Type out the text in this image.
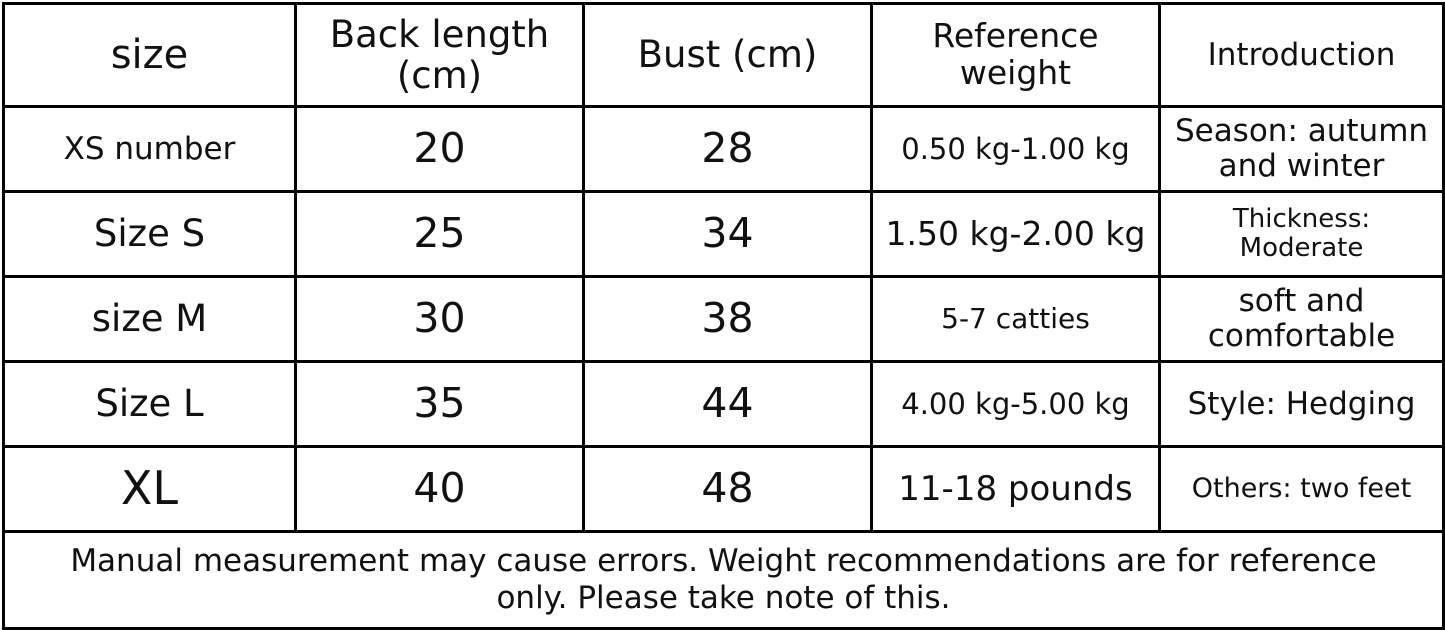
size	Back length (cm)	Bust (cm)	Reference weight	Introduction
XS number	20	28	0.50 kg-1.00 kg	Season: autumn and winter
Size S	25	34	1.50 kg-2.00 kg	Thickness: Moderate
size M	30	38	5-7 catties	soft and comfortable
Size L	35	44	4.00 kg-5.00 kg	Style: Hedging
XL	40	48	11-18 pounds	Others: two feet
Manual measurement may cause errors. Weight recommendations are for reference only. Please take note of this.				
